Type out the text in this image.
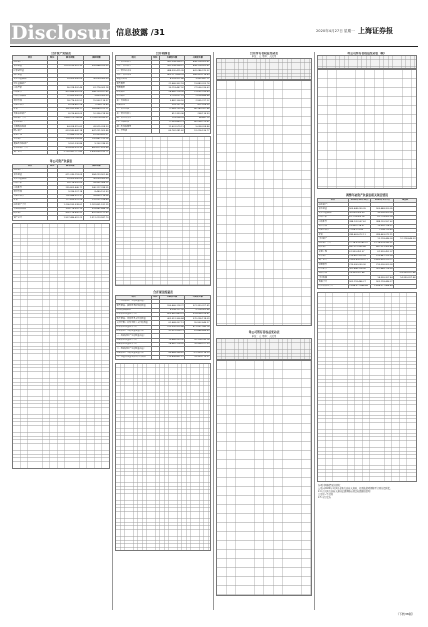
Disclosure
信息披露 /31	2020年4月27日 星期一 上海证券报
合并资产负债表
项目	附注	期末余额	期初余额
流动资产：			
货币资金		1,019,255,001.32	905,448,200.05
结算备付金			
拆出资金			
交易性金融资产		20,000,000.00	30,000,000.00
衍生金融资产			
应收票据		56,318,902.44	61,774,003.18
应收账款		412,886,541.09	388,120,557.62
应收款项融资		12,450,000.00	9,830,000.00
预付款项		18,774,320.51	15,902,114.37
其他应收款		6,918,447.26	7,204,119.80
存货		301,552,908.77	289,463,072.11
其他流动资产		8,214,663.05	10,336,218.94
流动资产合计		1,856,370,784.44	1,718,078,285.07
非流动资产：			
长期股权投资		44,208,915.62	43,915,208.30
固定资产		633,580,442.18	647,221,905.46
在建工程		72,446,118.35	61,930,452.07
无形资产		118,903,226.40	120,447,315.26
递延所得税资产		9,551,230.84	9,102,744.55
非流动资产合计		878,690,933.39	882,617,625.64
资产总计		2,735,061,717.83	2,600,695,910.71
母公司资产负债表
项目	附注	期末余额	期初余额
流动资产：			
货币资金		611,240,118.09	584,223,901.44
交易性金融资产		20,000,000.00	30,000,000.00
应收票据		30,114,520.00	28,991,004.12
应收账款		255,803,446.71	240,117,338.25
预付款项		9,336,207.18	8,440,152.93
其他应收款		102,448,915.37	99,802,116.06
存货		177,650,331.26	170,227,018.49
流动资产合计		1,206,593,538.61	1,181,801,531.29
长期股权投资		318,774,552.10	318,481,844.78
固定资产		402,118,600.52	410,930,211.63
资产总计		1,927,486,691.23	1,911,213,587.70
合并利润表
项目	附注	本期发生额	上期发生额
一、营业总收入		561,204,338.27	498,114,502.61
其中：营业收入		561,204,338.27	498,114,502.61
二、营业总成本		488,330,415.09	441,286,970.52
其中：营业成本		402,117,608.33	366,920,114.80
税金及附加		4,228,911.46	3,902,447.11
销售费用		21,446,302.18	19,883,205.74
管理费用		30,118,447.92	27,554,016.63
研发费用		24,660,118.05	21,002,339.40
财务费用		5,759,027.15	2,024,846.84
加：其他收益		3,882,104.50	2,905,317.22
投资收益		293,707.32	411,208.55
三、营业利润		77,049,735.00	60,143,057.86
加：营业外收入		412,330.06	208,114.90
减：营业外支出		118,204.33	96,447.15
四、利润总额		77,343,860.73	60,254,725.61
减：所得税费用		11,601,579.11	9,038,208.84
五、净利润		65,742,281.62	51,216,516.77
合并现金流量表
项目	附注	本期发生额	上期发生额
一、经营活动产生的现金流量：			
销售商品、提供劳务收到的现金		590,446,118.72	521,330,207.45
收到的税费返还		6,204,117.30	5,118,902.66
经营活动现金流入小计		603,882,440.19	533,004,226.81
购买商品、接受劳务支付的现金		402,551,306.84	370,226,118.09
支付给职工以及为职工支付的现金		61,448,207.13	55,902,446.27
经营活动现金流出小计		512,330,915.46	471,557,340.18
经营活动产生的现金流量净额		91,551,524.73	61,446,886.63
二、投资活动产生的现金流量：			
投资活动现金流入小计		10,446,200.00	20,118,330.14
投资活动现金流出小计		28,662,118.55	35,904,227.30
三、筹资活动产生的现金流量：			
筹资活动产生的现金流量净额		40,468,394.81	-12,330,114.20
五、现金及现金等价物净增加额		113,806,801.27	33,330,775.27
合并所有者权益变动表
单位：元 币种：人民币
母公司所有者权益变动表
单位：元 币种：人民币
母公司所有者权益变动表（续）
调整年初资产负债表相关项目情况
项目	2019年12月31日	2020年1月1日	调整数
流动资产：			
货币资金	905,448,200.05	905,448,200.05	
交易性金融资产	30,000,000.00	30,000,000.00	
应收票据	61,774,003.18	61,774,003.18	
应收账款	388,120,557.62	388,120,557.62	
预付款项	15,902,114.37	15,902,114.37	
其他应收款	7,204,119.80	7,204,119.80	
存货	289,463,072.11	289,463,072.11	
合同资产		12,118,446.00	12,118,446.00
流动资产合计	1,718,078,285.07	1,718,078,285.07	
固定资产	647,221,905.46	647,221,905.46	
在建工程	61,930,452.07	61,930,452.07	
无形资产	120,447,315.26	120,447,315.26	
资产总计	2,600,695,910.71	2,600,695,910.71	
短期借款	210,000,000.00	210,000,000.00	
应付账款	301,446,118.90	301,446,118.90	
预收款项	14,330,207.44		-14,330,207.44
合同负债		14,330,207.44	14,330,207.44
负债合计	902,118,446.27	902,118,446.27	
所有者权益合计	1,698,577,464.44	1,698,577,464.44	
各项目调整情况的说明：
公司自2020年1月1日起执行新收入准则，将预收款项调整至合同负债列报。
2.4 首次执行新收入准则追溯调整前期比较数据的说明
□适用 √不适用
2.5 审计报告
（下转38版）
